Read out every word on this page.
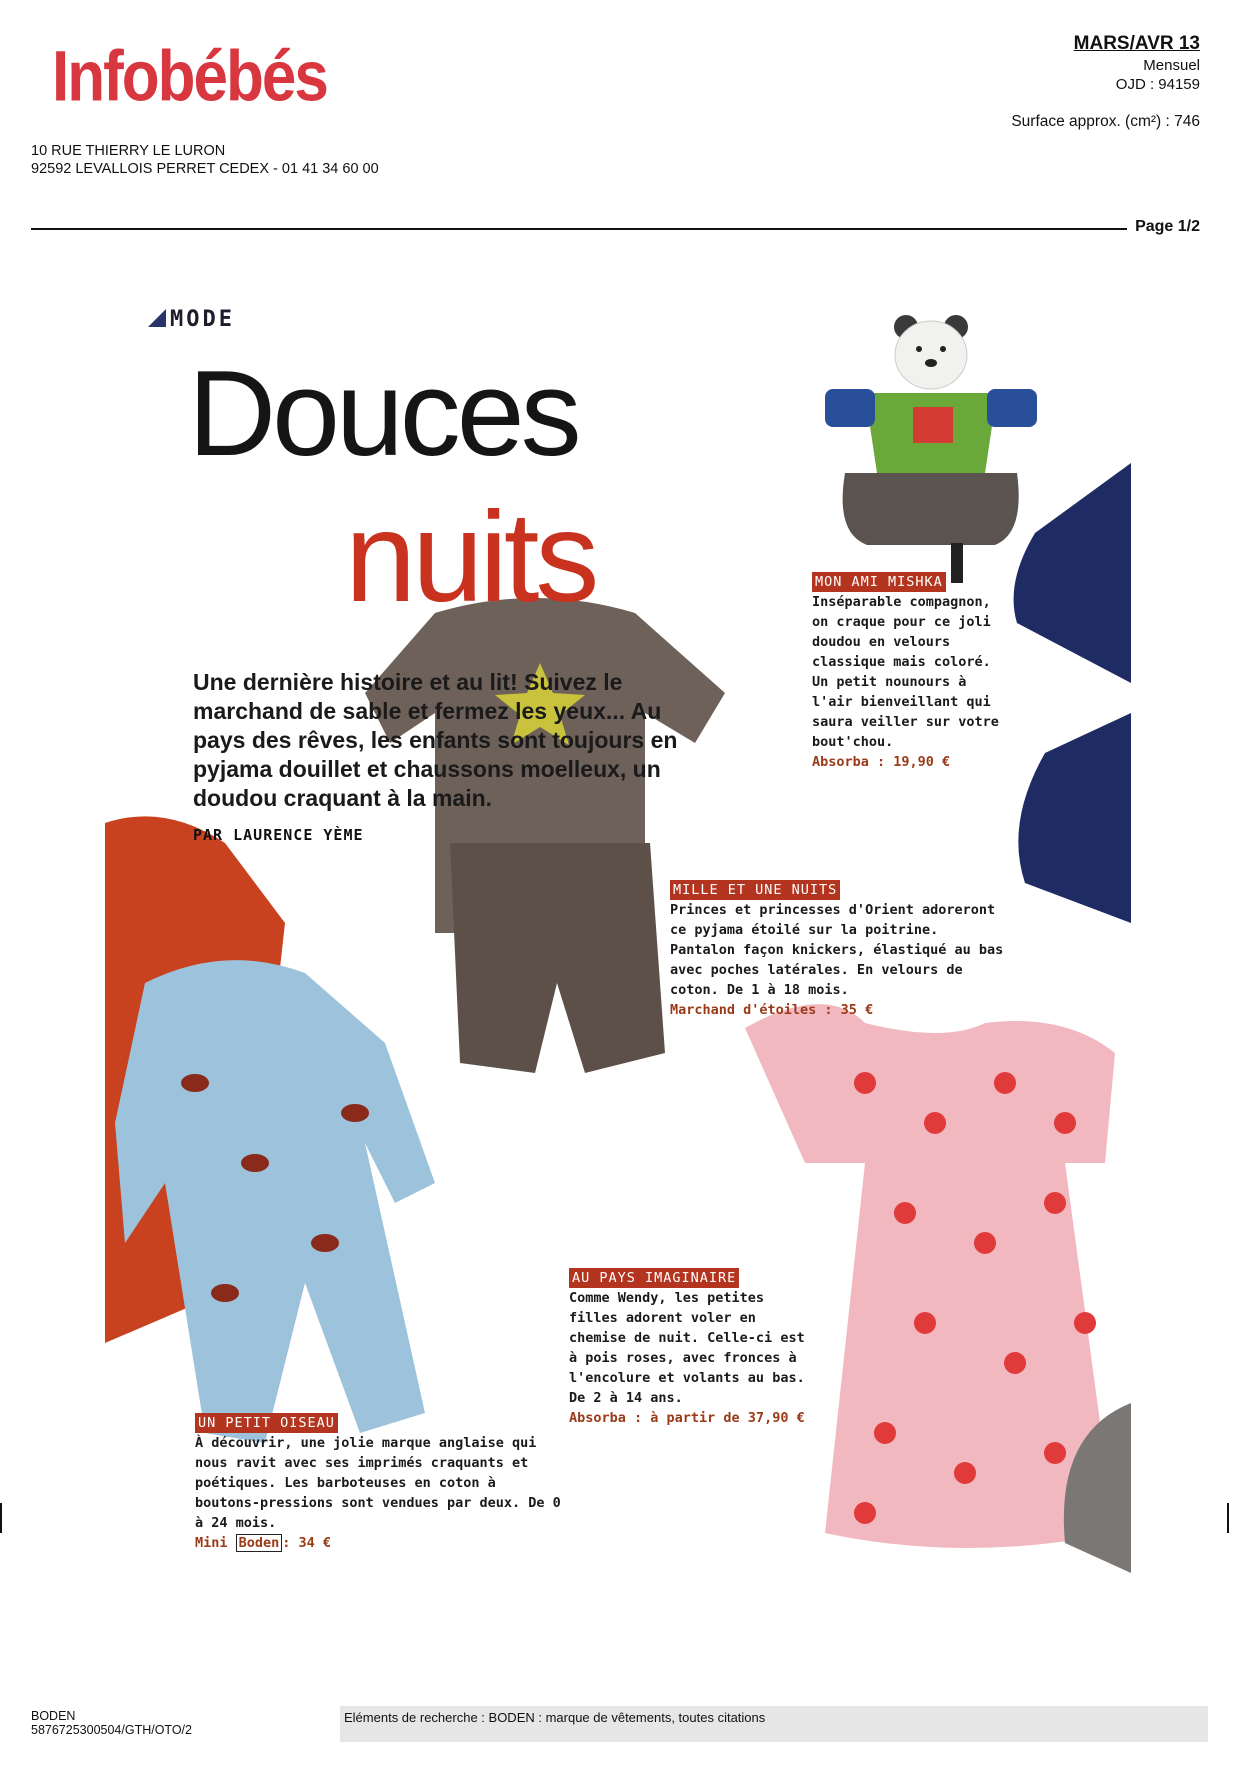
Infobébés
10 RUE THIERRY LE LURON
92592 LEVALLOIS PERRET CEDEX - 01 41 34 60 00
MARS/AVR 13
Mensuel
OJD : 94159
Surface approx. (cm²) : 746
Page 1/2
MODE
Douces
nuits
Une dernière histoire et au lit! Suivez le marchand de sable et fermez les yeux... Au pays des rêves, les enfants sont toujours en pyjama douillet et chaussons moelleux, un doudou craquant à la main.
PAR LAURENCE YÈME
MON AMI MISHKA
Inséparable compagnon, on craque pour ce joli doudou en velours classique mais coloré. Un petit nounours à l'air bienveillant qui saura veiller sur votre bout'chou.
Absorba : 19,90 €
MILLE ET UNE NUITS
Princes et princesses d'Orient adoreront ce pyjama étoilé sur la poitrine. Pantalon façon knickers, élastiqué au bas avec poches latérales. En velours de coton. De 1 à 18 mois.
Marchand d'étoiles : 35 €
AU PAYS IMAGINAIRE
Comme Wendy, les petites filles adorent voler en chemise de nuit. Celle-ci est à pois roses, avec fronces à l'encolure et volants au bas. De 2 à 14 ans.
Absorba : à partir de 37,90 €
UN PETIT OISEAU
À découvrir, une jolie marque anglaise qui nous ravit avec ses imprimés craquants et poétiques. Les barboteuses en coton à boutons-pressions sont vendues par deux. De 0 à 24 mois.
Mini Boden : 34 €
BODEN
5876725300504/GTH/OTO/2
Eléments de recherche : BODEN : marque de vêtements, toutes citations
